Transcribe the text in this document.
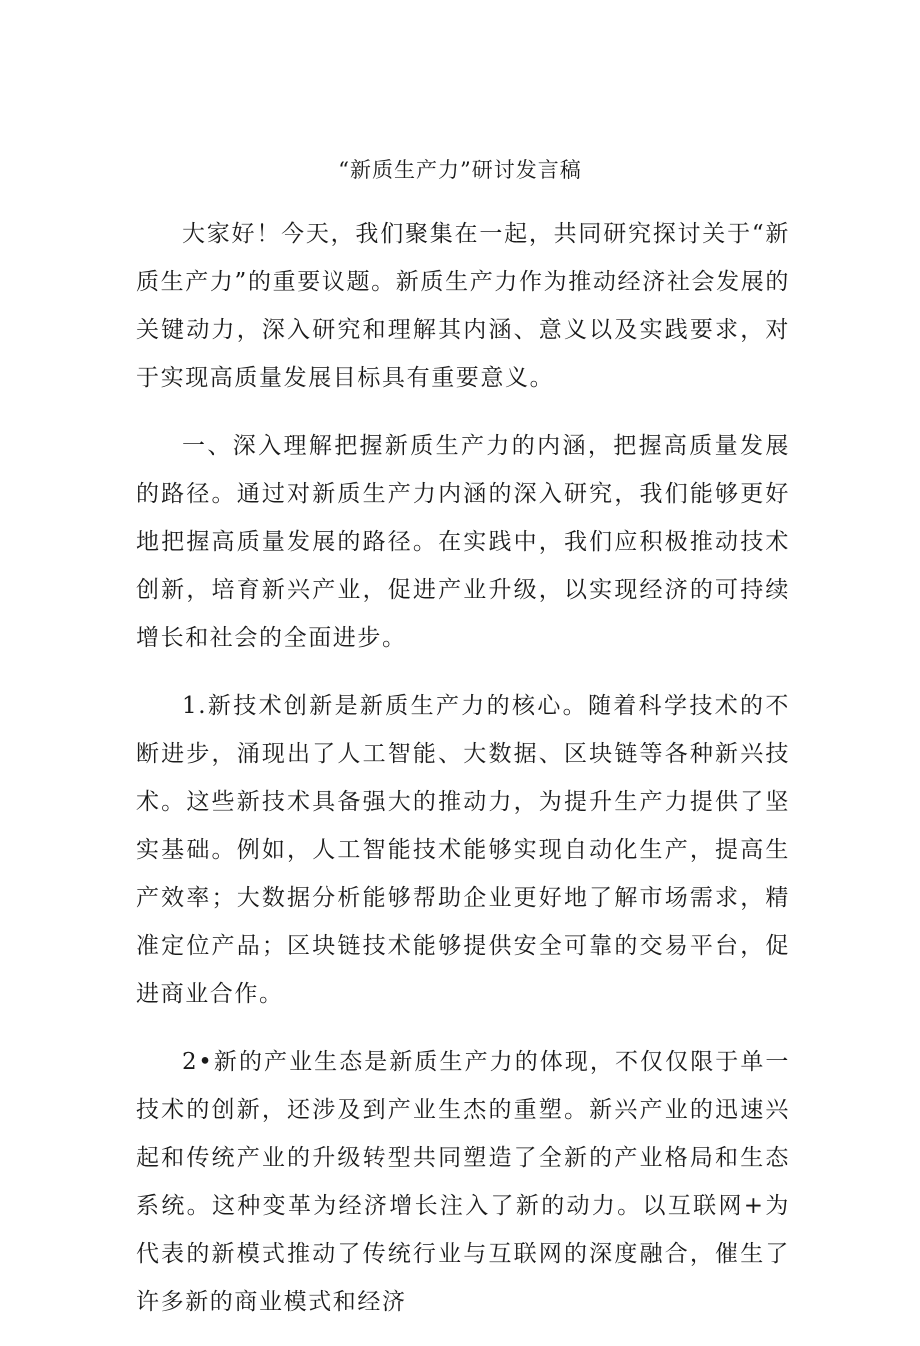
“新质生产力”研讨发言稿

大家好！今天，我们聚集在一起，共同研究探讨关于“新质生产力”的重要议题。新质生产力作为推动经济社会发展的关键动力，深入研究和理解其内涵、意义以及实践要求，对于实现高质量发展目标具有重要意义。

一、深入理解把握新质生产力的内涵，把握高质量发展的路径。通过对新质生产力内涵的深入研究，我们能够更好地把握高质量发展的路径。在实践中，我们应积极推动技术创新，培育新兴产业，促进产业升级，以实现经济的可持续增长和社会的全面进步。

1.新技术创新是新质生产力的核心。随着科学技术的不断进步，涌现出了人工智能、大数据、区块链等各种新兴技术。这些新技术具备强大的推动力，为提升生产力提供了坚实基础。例如，人工智能技术能够实现自动化生产，提高生产效率；大数据分析能够帮助企业更好地了解市场需求，精准定位产品；区块链技术能够提供安全可靠的交易平台，促进商业合作。

2•新的产业生态是新质生产力的体现，不仅仅限于单一技术的创新，还涉及到产业生杰的重塑。新兴产业的迅速兴起和传统产业的升级转型共同塑造了全新的产业格局和生态系统。这种变革为经济增长注入了新的动力。以互联网+为代表的新模式推动了传统行业与互联网的深度融合，催生了许多新的商业模式和经济
